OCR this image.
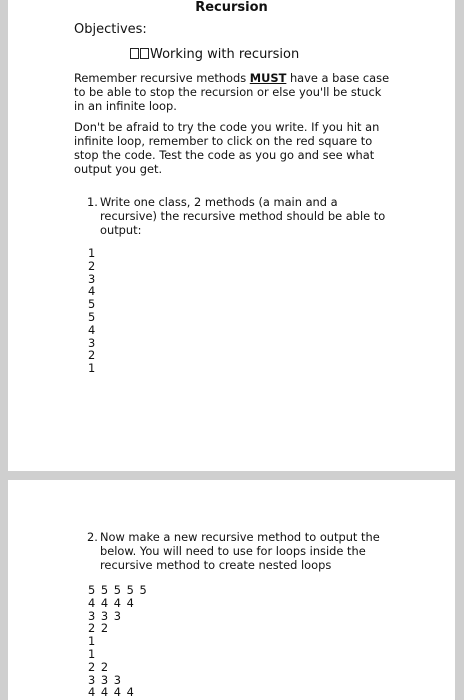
Recursion
Objectives:
Working with recursion
Remember recursive methods MUST have a base case to be able to stop the recursion or else you'll be stuck in an infinite loop.
Don't be afraid to try the code you write. If you hit an infinite loop, remember to click on the red square to stop the code. Test the code as you go and see what output you get.
1. Write one class, 2 methods (a main and a recursive) the recursive method should be able to output:
1
2
3
4
5
5
4
3
2
1
2. Now make a new recursive method to output the below. You will need to use for loops inside the recursive method to create nested loops
5 5 5 5 5
4 4 4 4
3 3 3
2 2
1
1
2 2
3 3 3
4 4 4 4
